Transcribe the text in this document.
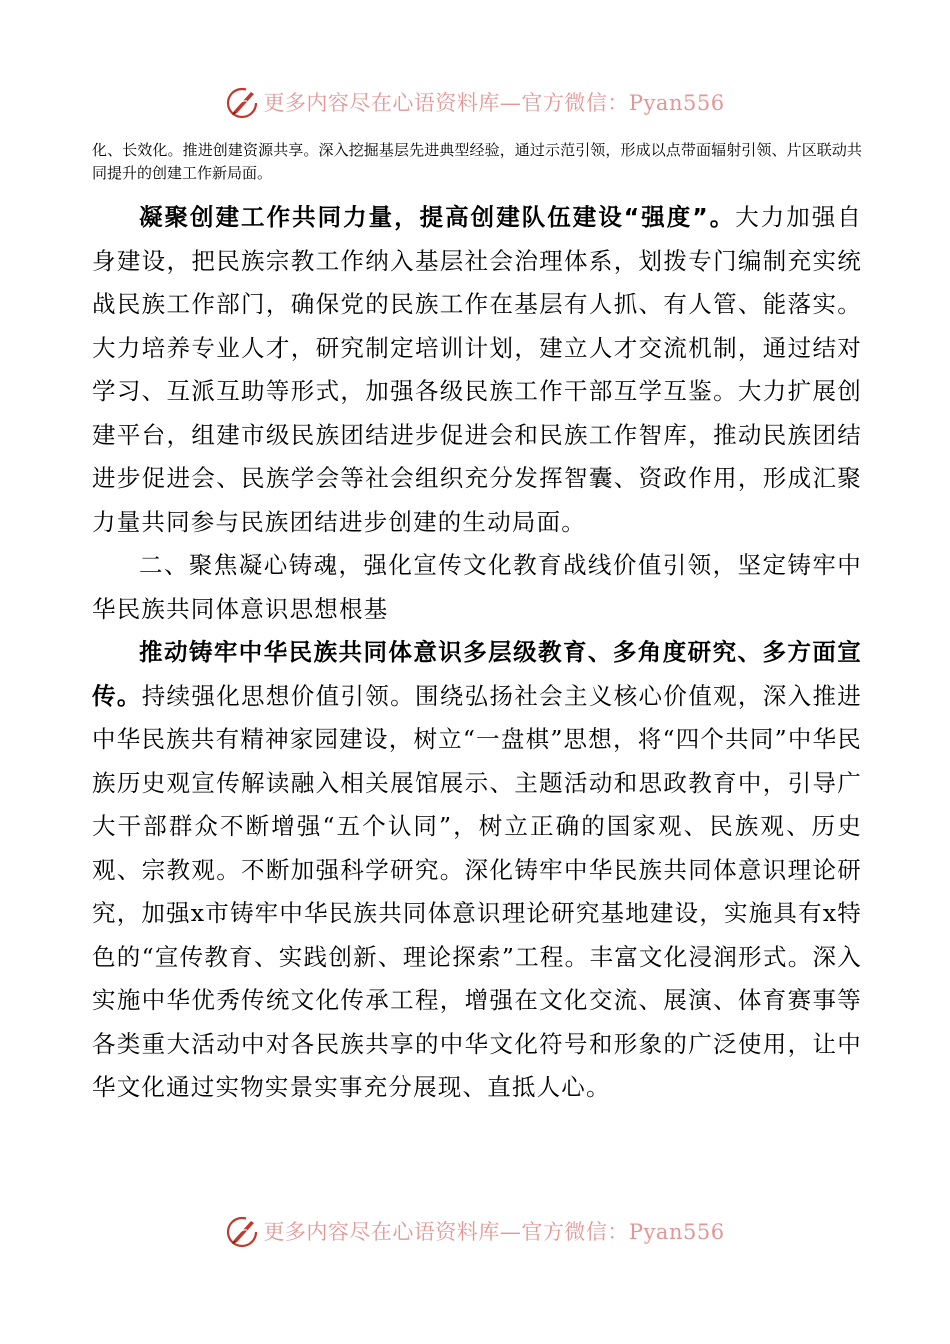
更多内容尽在心语资料库—官方微信：Pyan556

化、长效化。推进创建资源共享。深入挖掘基层先进典型经验，通过示范引领，形成以点带面辐射引领、片区联动共同提升的创建工作新局面。

凝聚创建工作共同力量，提高创建队伍建设“强度”。大力加强自身建设，把民族宗教工作纳入基层社会治理体系，划拨专门编制充实统战民族工作部门，确保党的民族工作在基层有人抓、有人管、能落实。大力培养专业人才，研究制定培训计划，建立人才交流机制，通过结对学习、互派互助等形式，加强各级民族工作干部互学互鉴。大力扩展创建平台，组建市级民族团结进步促进会和民族工作智库，推动民族团结进步促进会、民族学会等社会组织充分发挥智囊、资政作用，形成汇聚力量共同参与民族团结进步创建的生动局面。

二、聚焦凝心铸魂，强化宣传文化教育战线价值引领，坚定铸牢中华民族共同体意识思想根基

推动铸牢中华民族共同体意识多层级教育、多角度研究、多方面宣传。持续强化思想价值引领。围绕弘扬社会主义核心价值观，深入推进中华民族共有精神家园建设，树立“一盘棋”思想，将“四个共同”中华民族历史观宣传解读融入相关展馆展示、主题活动和思政教育中，引导广大干部群众不断增强“五个认同”，树立正确的国家观、民族观、历史观、宗教观。不断加强科学研究。深化铸牢中华民族共同体意识理论研究，加强x市铸牢中华民族共同体意识理论研究基地建设，实施具有x特色的“宣传教育、实践创新、理论探索”工程。丰富文化浸润形式。深入实施中华优秀传统文化传承工程，增强在文化交流、展演、体育赛事等各类重大活动中对各民族共享的中华文化符号和形象的广泛使用，让中华文化通过实物实景实事充分展现、直抵人心。

更多内容尽在心语资料库—官方微信：Pyan556
